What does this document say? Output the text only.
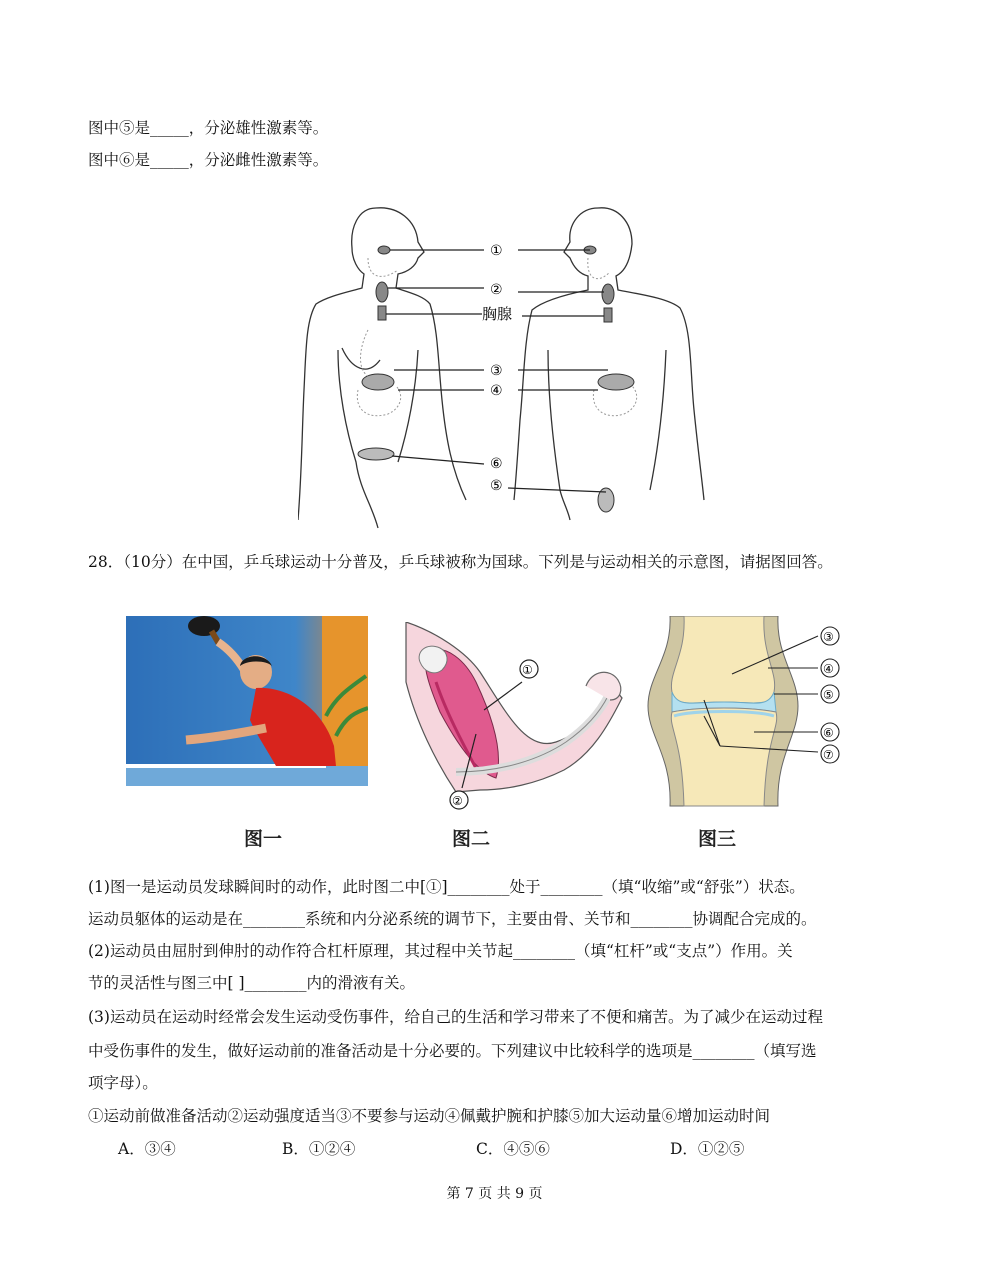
图中⑤是_____，分泌雄性激素等。
图中⑥是_____，分泌雌性激素等。
①
②
胸腺
③
④
⑥
⑤
28．（10分）在中国，乒乓球运动十分普及，乒乓球被称为国球。下列是与运动相关的示意图，请据图回答。
①
②
③
④
⑤
⑥
⑦
图一	图二	图三
(1)图一是运动员发球瞬间时的动作，此时图二中[①]________处于________（填“收缩”或“舒张”）状态。
运动员躯体的运动是在________系统和内分泌系统的调节下，主要由骨、关节和________协调配合完成的。
(2)运动员由屈肘到伸肘的动作符合杠杆原理，其过程中关节起________（填“杠杆”或“支点”）作用。关
节的灵活性与图三中[ ]________内的滑液有关。
(3)运动员在运动时经常会发生运动受伤事件，给自己的生活和学习带来了不便和痛苦。为了减少在运动过程
中受伤事件的发生，做好运动前的准备活动是十分必要的。下列建议中比较科学的选项是________（填写选
项字母）。
①运动前做准备活动②运动强度适当③不要参与运动④佩戴护腕和护膝⑤加大运动量⑥增加运动时间
A．③④	B．①②④	C．④⑤⑥	D．①②⑤
第 7 页 共 9 页
